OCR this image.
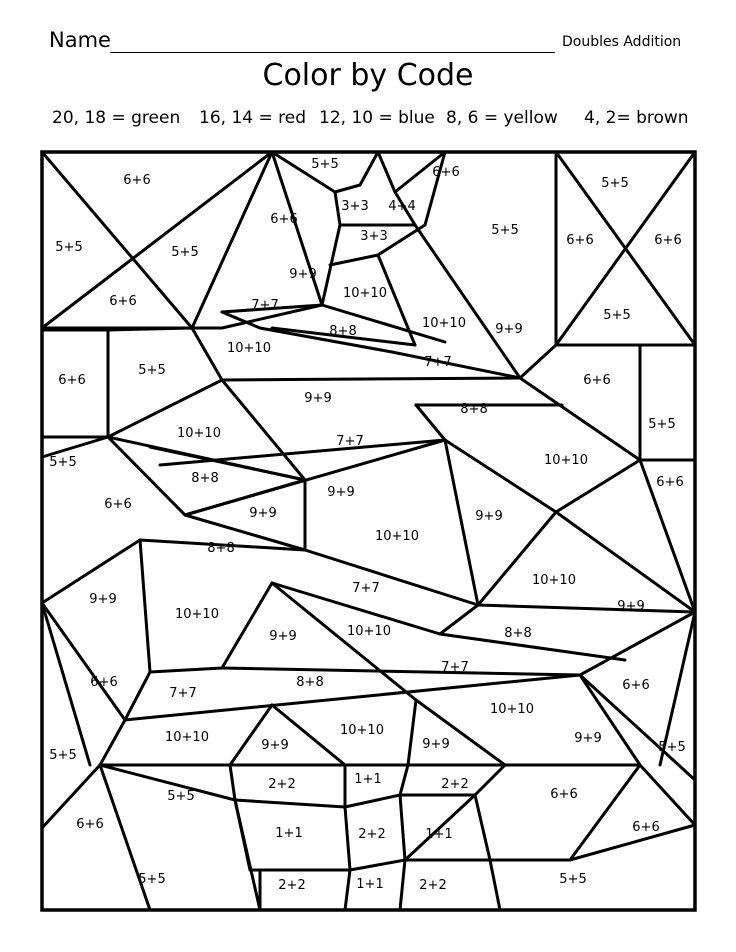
Name	Doubles Addition
Color by Code
20, 18 = green 16, 14 = red 12, 10 = blue 8, 6 = yellow 4, 2= brown
6+6
5+5
3+3 4+4
6+6
5+5
5+5
6+6
3+3
5+5
6+6
6+6
9+9
10+10
7+7
6+6
8+8
10+10
9+9
5+5
6+6
5+5
10+10
7+7
6+6
9+9
8+8
5+5
10+10
7+7
5+5	10+10
6+6
8+8
9+9
6+6
9+9	9+9
10+10
5+5
8+8
10+10
9+9
7+7
9+9
10+10
10+10
9+9	8+8
6+6
7+7
6+6
8+8
7+7
10+10
10+10	10+10
9+9	9+9	9+9
5+5
5+5
2+2	1+1	2+2
5+5
6+6
6+6	6+6
1+1	2+2	1+1
5+5	2+2	1+1	2+2	5+5
